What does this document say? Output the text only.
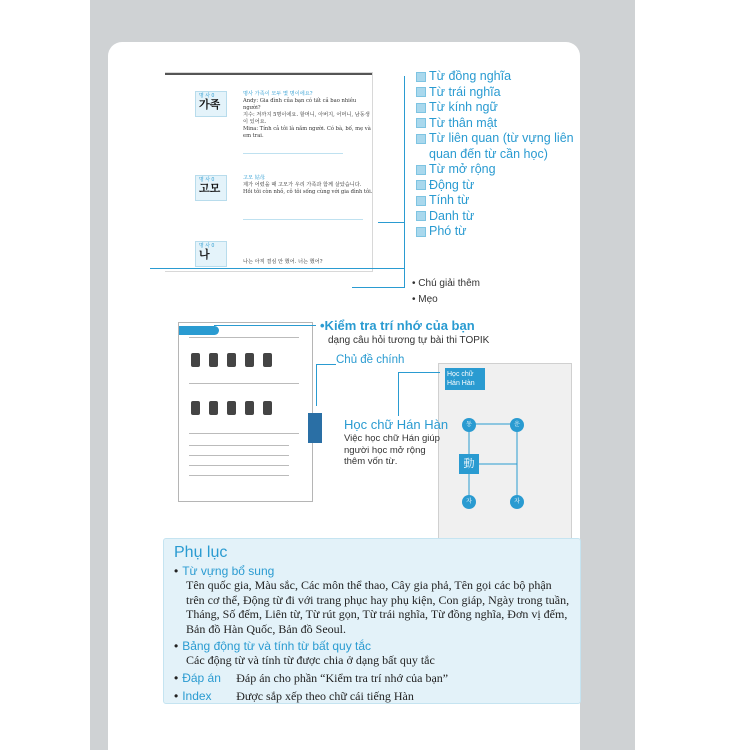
명 사 0
가족
명사 가족이 모두 몇 명이에요?
Andy: Gia đình của bạn có tất cả bao nhiêu người?
지수: 저까지 5명이에요. 할머니, 아버지, 어머니, 남동생이 있어요.
Mina: Tính cả tôi là năm người. Có bà, bố, mẹ và em trai.
명 사 0
고모
고모 姑母
제가 어렸을 때 고모가 우리 가족과 함께 살았습니다.
Hồi tôi còn nhỏ, cô tôi sống cùng với gia đình tôi.
명 사 0
나
나는 아직 결심 안 했어. 너는 했어?
Từ đồng nghĩa
Từ trái nghĩa
Từ kính ngữ
Từ thân mật
Từ liên quan (từ vựng liên quan đến từ cần học)
Từ mở rộng
Động từ
Tính từ
Danh từ
Phó từ
• Chú giải thêm
• Mẹo
•Kiểm tra trí nhớ của bạn
dạng câu hỏi tương tự bài thi TOPIK
Chủ đề chính
Học chữ Hán Hàn
동	운
動
자	자
Học chữ Hán Hàn
Việc học chữ Hán giúp người học mở rộng thêm vốn từ.
Phụ lục
• Từ vựng bổ sung
Tên quốc gia, Màu sắc, Các môn thể thao, Cây gia phả, Tên gọi các bộ phận trên cơ thể, Động từ đi với trang phục hay phụ kiện, Con giáp, Ngày trong tuần, Tháng, Số đếm, Liên từ, Từ rút gọn, Từ trái nghĩa, Từ đồng nghĩa, Đơn vị đếm, Bản đồ Hàn Quốc, Bản đồ Seoul.
• Bảng động từ và tính từ bất quy tắc
Các động từ và tính từ được chia ở dạng bất quy tắc
• Đáp án	Đáp án cho phần “Kiểm tra trí nhớ của bạn”
• Index	Được sắp xếp theo chữ cái tiếng Hàn
